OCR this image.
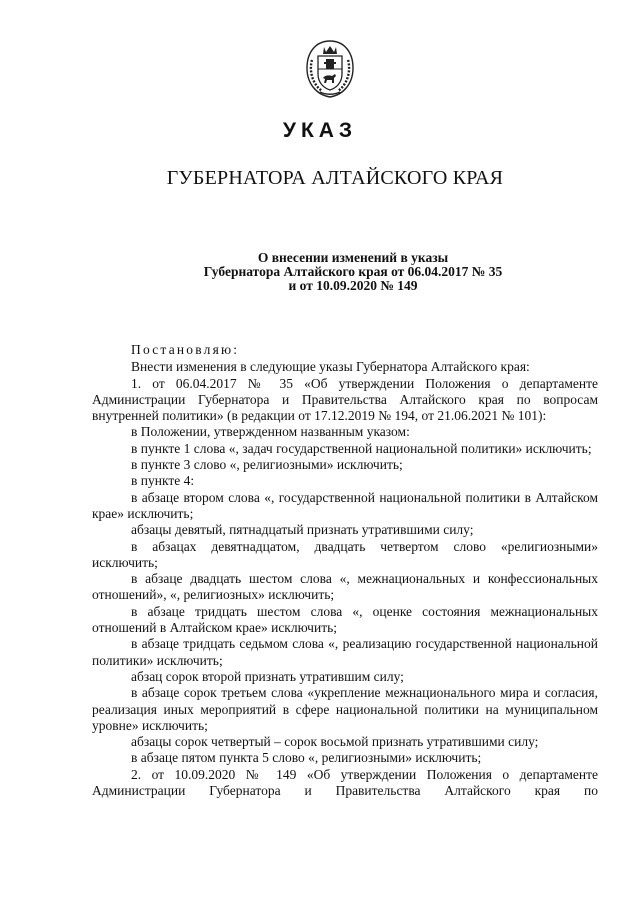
УКАЗ
ГУБЕРНАТОРА АЛТАЙСКОГО КРАЯ
О внесении изменений в указы
Губернатора Алтайского края от 06.04.2017 № 35
и от 10.09.2020 № 149

Постановляю:

Внести изменения в следующие указы Губернатора Алтайского края:

1. от 06.04.2017 № 35 «Об утверждении Положения о департаменте Администрации Губернатора и Правительства Алтайского края по вопросам внутренней политики» (в редакции от 17.12.2019 № 194, от 21.06.2021 № 101):

в Положении, утвержденном названным указом:

в пункте 1 слова «, задач государственной национальной политики» исключить;

в пункте 3 слово «, религиозными» исключить;

в пункте 4:

в абзаце втором слова «, государственной национальной политики в Алтайском крае» исключить;

абзацы девятый, пятнадцатый признать утратившими силу;

в абзацах девятнадцатом, двадцать четвертом слово «религиозными» исключить;

в абзаце двадцать шестом слова «, межнациональных и конфессиональных отношений», «, религиозных» исключить;

в абзаце тридцать шестом слова «, оценке состояния межнациональных отношений в Алтайском крае» исключить;

в абзаце тридцать седьмом слова «, реализацию государственной национальной политики» исключить;

абзац сорок второй признать утратившим силу;

в абзаце сорок третьем слова «укрепление межнационального мира и согласия, реализация иных мероприятий в сфере национальной политики на муниципальном уровне» исключить;

абзацы сорок четвертый – сорок восьмой признать утратившими силу;

в абзаце пятом пункта 5 слово «, религиозными» исключить;

2. от 10.09.2020 № 149 «Об утверждении Положения о департаменте Администрации Губернатора и Правительства Алтайского края по
